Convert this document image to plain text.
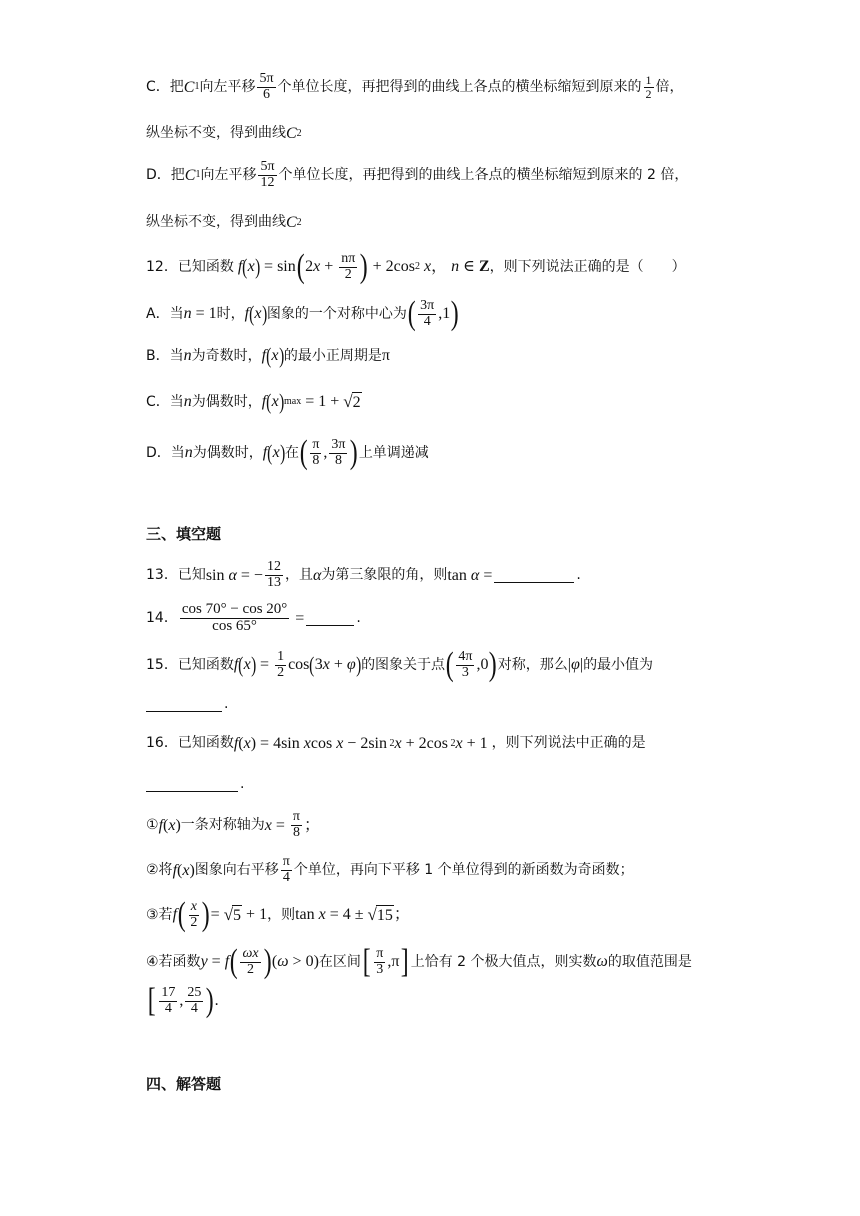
C．把 C 1 向左平移 $\frac{5\pi}{6}$ 个单位长度，再把得到的曲线上各点的横坐标缩短到原来的 $\frac{1}{2}$ 倍，
纵坐标不变，得到曲线 C 2
D．把 C 1 向左平移 $\frac{5\pi}{12}$ 个单位长度，再把得到的曲线上各点的横坐标缩短到原来的 2 倍，
纵坐标不变，得到曲线 C 2
12．已知函数
f ( x ) = sin ( 2 $x + \frac{n\pi}{2}$ ) + 2cos 2
x ， n ∈ Z ，则下列说法正确的是（　　）
A．当 n = 1 时， f ( x ) 图象的一个对称中心为 ( $\frac{3\pi}{4} ,1$ )
B．当 n 为奇数时， f ( x ) 的最小正周期是 π
C．当 n 为偶数时， f ( x ) max = 1 + √ 2
D．当 n 为偶数时， f ( x ) 在 ( $\frac{\pi}{8}$ , $\frac{3\pi}{8}$ ) 上单调递减
三、填空题
13．已知 sin α = − $\frac{12}{13}$ ，且 α 为第三象限的角，则 tan α =	.
14． $\frac{\cos 70^\circ - \cos 20^\circ}{\cos 65^\circ}$ =	.
15．已知函数 f ( x ) = $\frac{1}{2}$ cos ( 3 x + φ ) 的图象关于点 ( $\frac{4\pi}{3} ,0$ ) 对称，那么 | φ | 的最小值为
.
16．已知函数 f ( x ) = 4sin x cos x − 2sin 2 x + 2cos 2 x + 1 ，则下列说法中正确的是
.
① f ( x ) 一条对称轴为 $x = \frac{\pi}{8}$ ；
②将 f ( x ) 图象向右平移 $\frac{\pi}{4}$ 个单位，再向下平移 1 个单位得到的新函数为奇函数；
③若 f ( $\frac{x}{2}$ ) = √ 5 + 1 ，则 tan x = 4 ± √ 15 ；
④若函数 y = f ( $\frac{\omega x}{2}$ ) ( ω > 0) 在区间 [ $\frac{\pi}{3} ,\pi$ ] 上恰有 2 个极大值点，则实数 ω 的取值范围是
[ $\frac{17}{4}$ , $\frac{25}{4}$ ) .
四、解答题
